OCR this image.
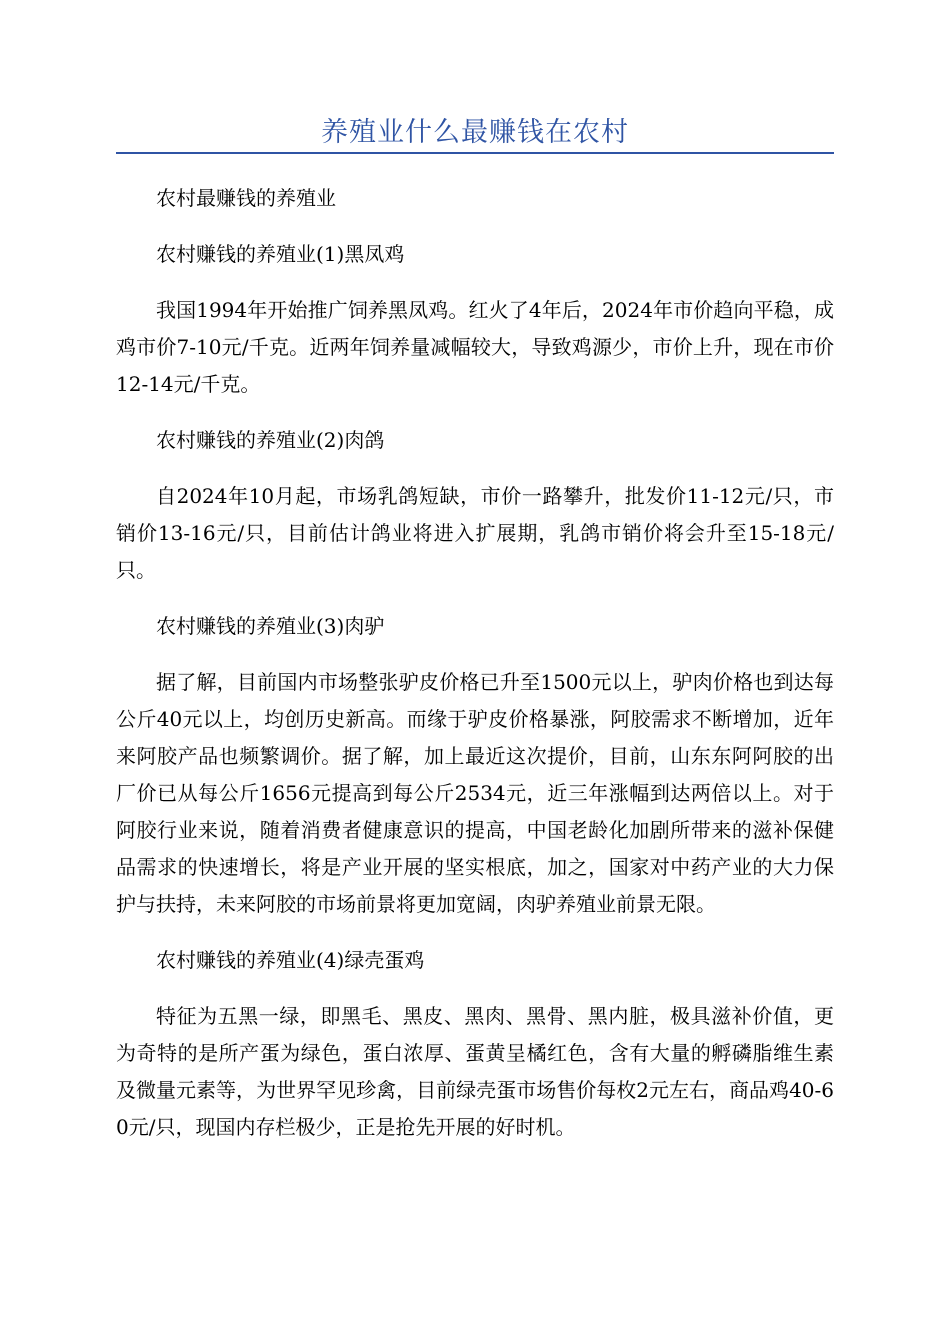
养殖业什么最赚钱在农村

农村最赚钱的养殖业

农村赚钱的养殖业(1)黑凤鸡

我国1994年开始推广饲养黑凤鸡。红火了4年后，2024年市价趋向平稳，成鸡市价7-10元/千克。近两年饲养量减幅较大，导致鸡源少，市价上升，现在市价12-14元/千克。

农村赚钱的养殖业(2)肉鸽

自2024年10月起，市场乳鸽短缺，市价一路攀升，批发价11-12元/只，市销价13-16元/只，目前估计鸽业将进入扩展期，乳鸽市销价将会升至15-18元/只。

农村赚钱的养殖业(3)肉驴

据了解，目前国内市场整张驴皮价格已升至1500元以上，驴肉价格也到达每公斤40元以上，均创历史新高。而缘于驴皮价格暴涨，阿胶需求不断增加，近年来阿胶产品也频繁调价。据了解，加上最近这次提价，目前，山东东阿阿胶的出厂价已从每公斤1656元提高到每公斤2534元，近三年涨幅到达两倍以上。对于阿胶行业来说，随着消费者健康意识的提高，中国老龄化加剧所带来的滋补保健品需求的快速增长，将是产业开展的坚实根底，加之，国家对中药产业的大力保护与扶持，未来阿胶的市场前景将更加宽阔，肉驴养殖业前景无限。

农村赚钱的养殖业(4)绿壳蛋鸡

特征为五黑一绿，即黑毛、黑皮、黑肉、黑骨、黑内脏，极具滋补价值，更为奇特的是所产蛋为绿色，蛋白浓厚、蛋黄呈橘红色，含有大量的孵磷脂维生素及微量元素等，为世界罕见珍禽，目前绿壳蛋市场售价每枚2元左右，商品鸡40-60元/只，现国内存栏极少，正是抢先开展的好时机。
